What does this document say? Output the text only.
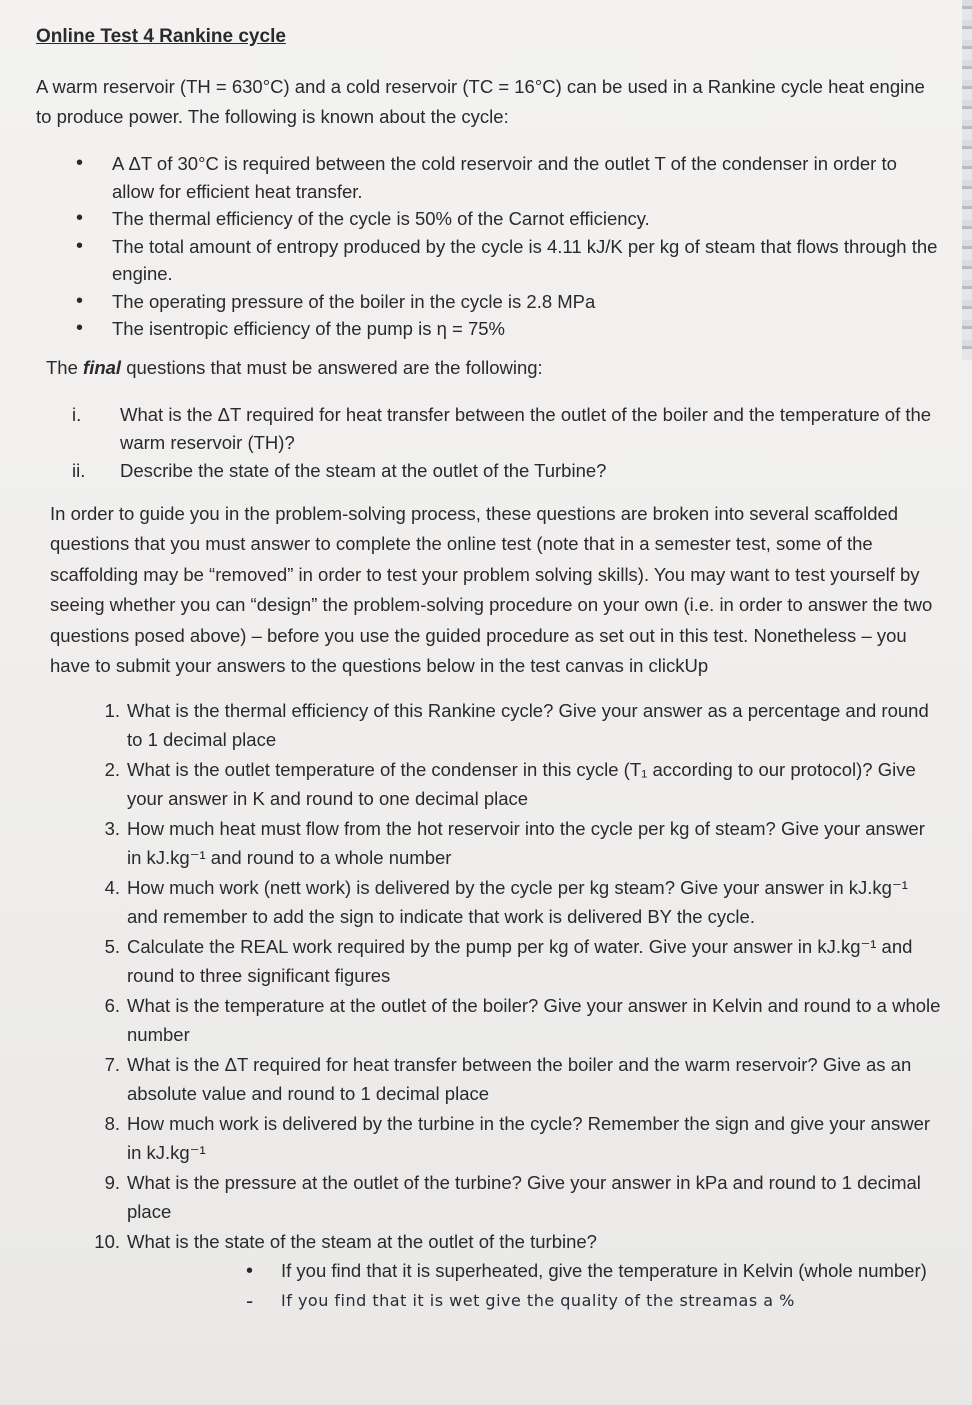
Online Test 4 Rankine cycle

A warm reservoir (TH = 630°C) and a cold reservoir (TC = 16°C) can be used in a Rankine cycle heat engine to produce power. The following is known about the cycle:

• A ΔT of 30°C is required between the cold reservoir and the outlet T of the condenser in order to allow for efficient heat transfer.
• The thermal efficiency of the cycle is 50% of the Carnot efficiency.
• The total amount of entropy produced by the cycle is 4.11 kJ/K per kg of steam that flows through the engine.
• The operating pressure of the boiler in the cycle is 2.8 MPa
• The isentropic efficiency of the pump is η = 75%

The final questions that must be answered are the following:

i. What is the ΔT required for heat transfer between the outlet of the boiler and the temperature of the warm reservoir (TH)?
ii. Describe the state of the steam at the outlet of the Turbine?

In order to guide you in the problem-solving process, these questions are broken into several scaffolded questions that you must answer to complete the online test (note that in a semester test, some of the scaffolding may be “removed” in order to test your problem solving skills). You may want to test yourself by seeing whether you can “design” the problem-solving procedure on your own (i.e. in order to answer the two questions posed above) – before you use the guided procedure as set out in this test. Nonetheless – you have to submit your answers to the questions below in the test canvas in clickUp

1. What is the thermal efficiency of this Rankine cycle? Give your answer as a percentage and round to 1 decimal place
2. What is the outlet temperature of the condenser in this cycle (T₁ according to our protocol)? Give your answer in K and round to one decimal place
3. How much heat must flow from the hot reservoir into the cycle per kg of steam? Give your answer in kJ.kg⁻¹ and round to a whole number
4. How much work (nett work) is delivered by the cycle per kg steam? Give your answer in kJ.kg⁻¹ and remember to add the sign to indicate that work is delivered BY the cycle.
5. Calculate the REAL work required by the pump per kg of water. Give your answer in kJ.kg⁻¹ and round to three significant figures
6. What is the temperature at the outlet of the boiler? Give your answer in Kelvin and round to a whole number
7. What is the ΔT required for heat transfer between the boiler and the warm reservoir? Give as an absolute value and round to 1 decimal place
8. How much work is delivered by the turbine in the cycle? Remember the sign and give your answer in kJ.kg⁻¹
9. What is the pressure at the outlet of the turbine? Give your answer in kPa and round to 1 decimal place
10. What is the state of the steam at the outlet of the turbine?
• If you find that it is superheated, give the temperature in Kelvin (whole number)
- If you find that it is wet give the quality of the streamas a %
